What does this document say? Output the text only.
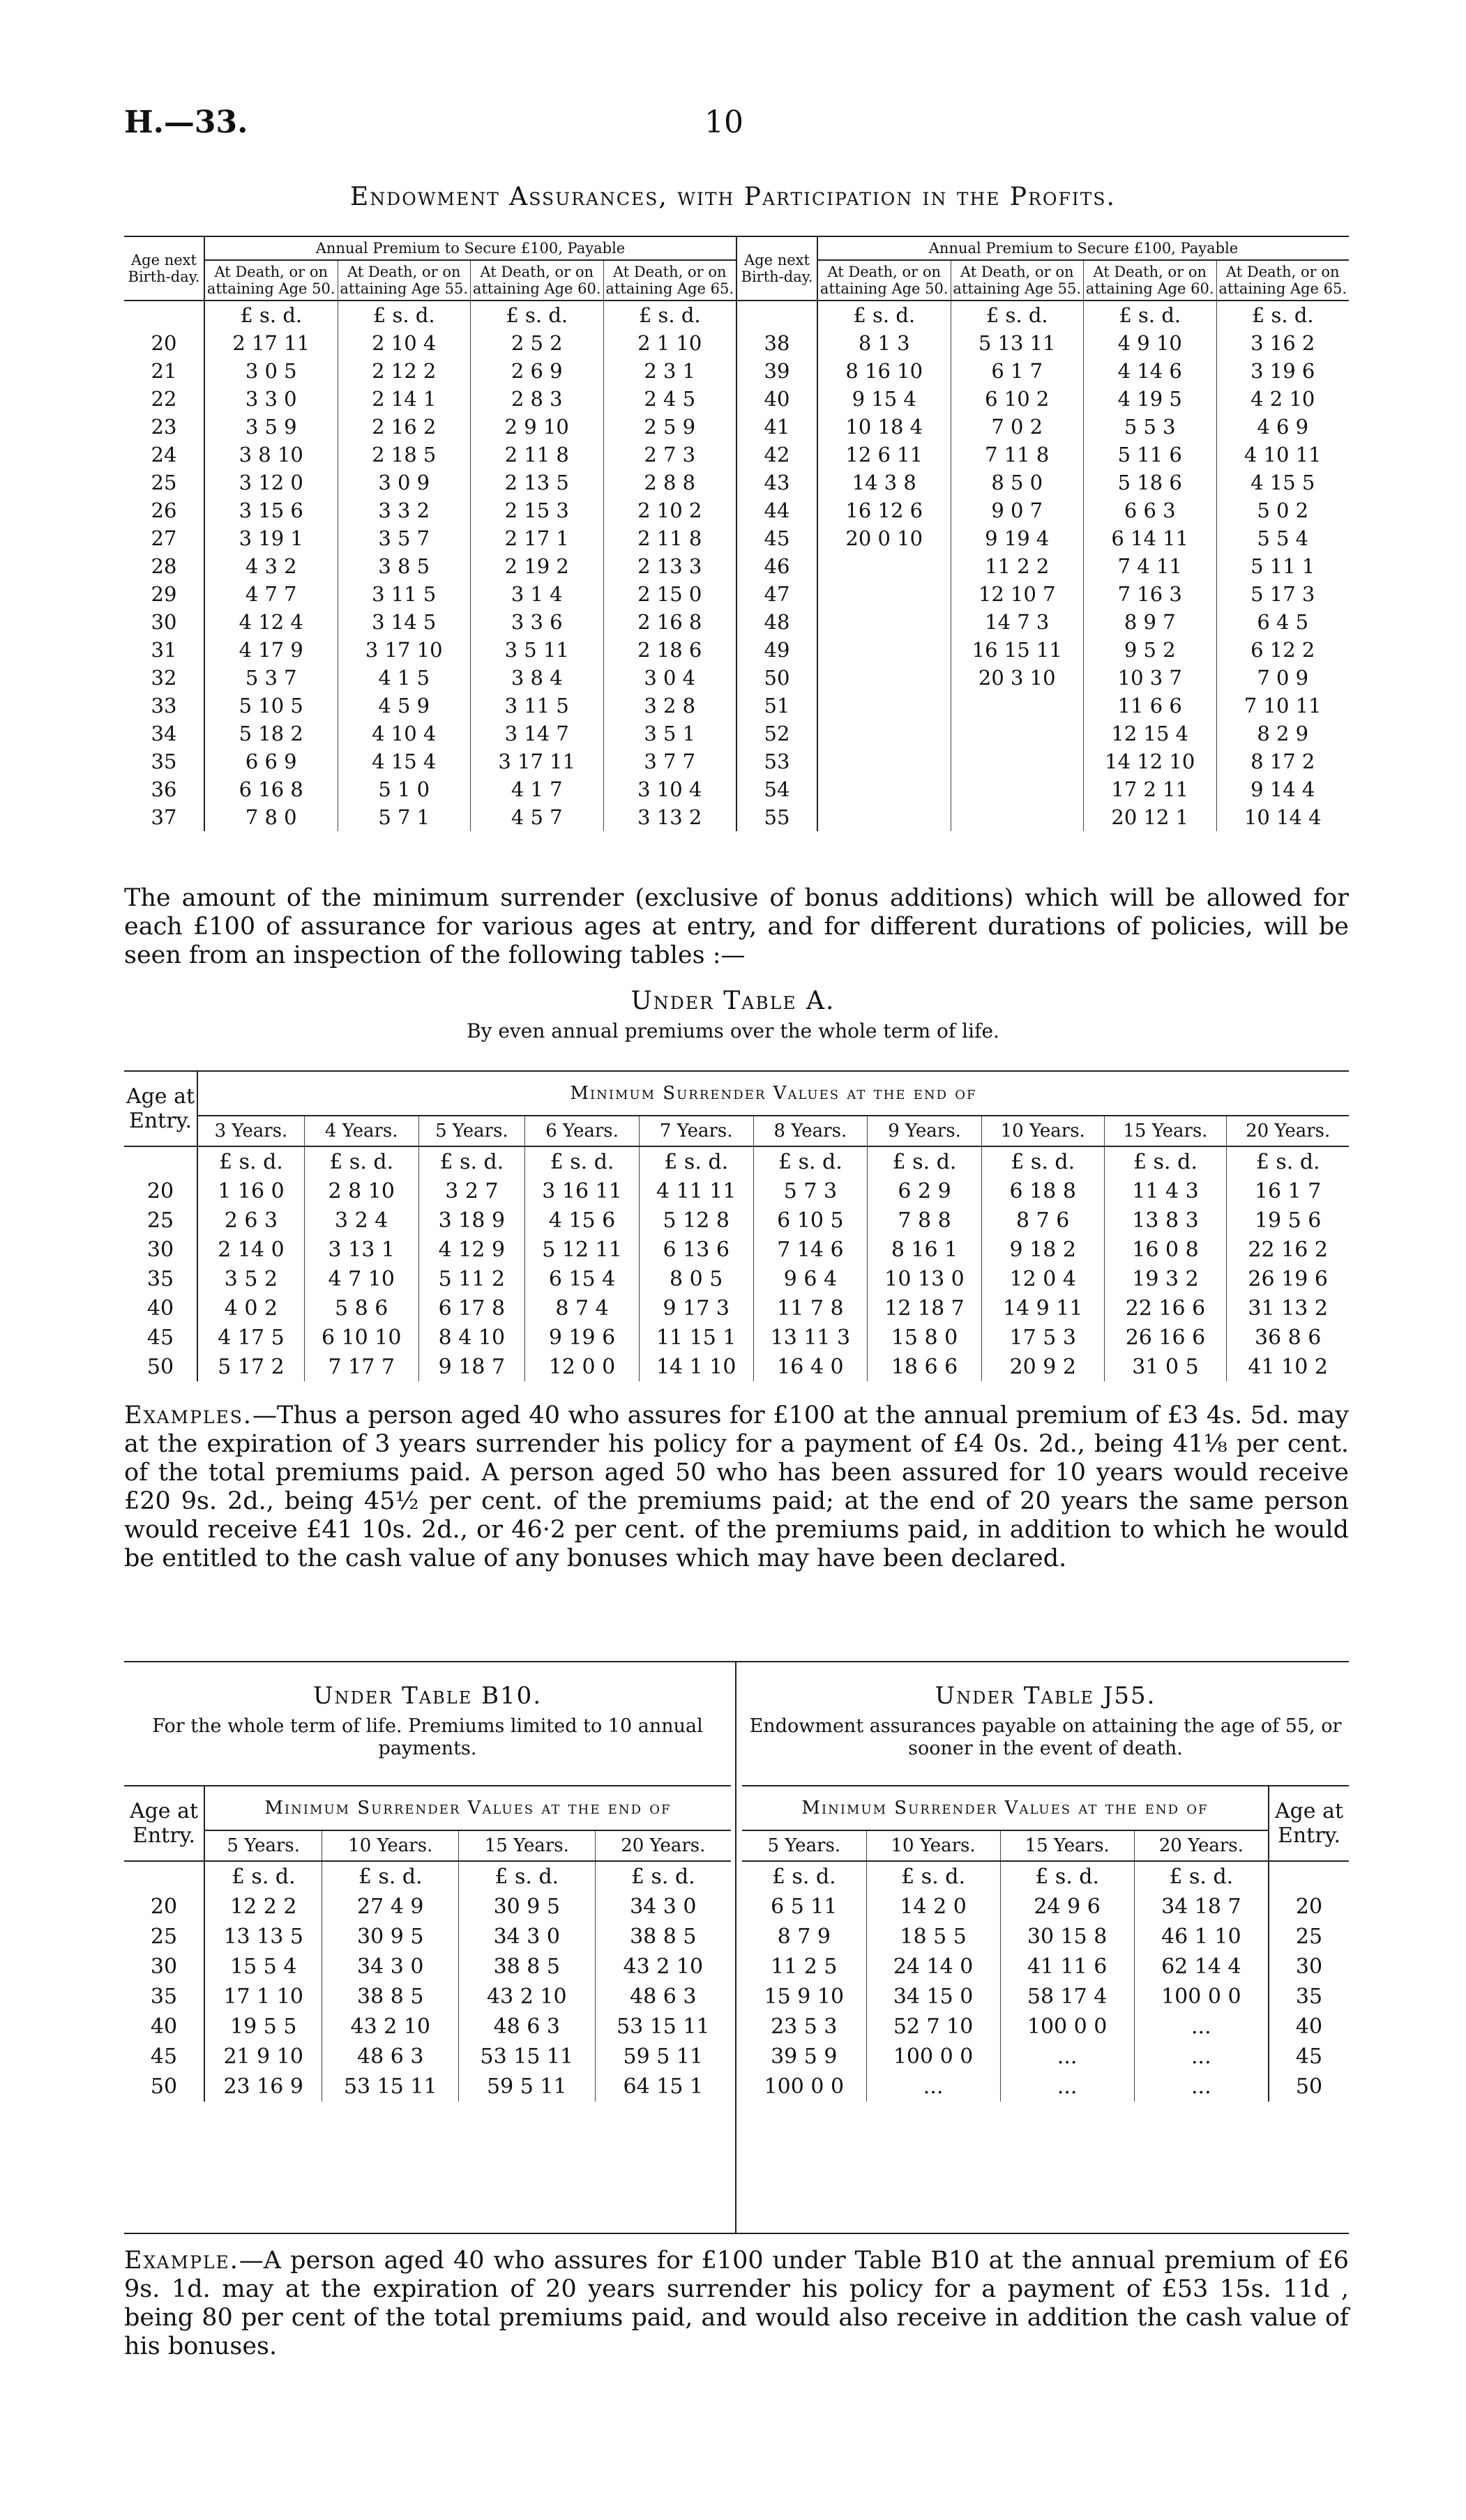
H.—33.	10
Endowment Assurances, with Participation in the Profits.
Age next Birth-day.	Annual Premium to Secure £100, Payable				Age next Birth-day.	Annual Premium to Secure £100, Payable			
	At Death, or on attaining Age 50.	At Death, or on attaining Age 55.	At Death, or on attaining Age 60.	At Death, or on attaining Age 65.		At Death, or on attaining Age 50.	At Death, or on attaining Age 55.	At Death, or on attaining Age 60.	At Death, or on attaining Age 65.
	£ s. d.	£ s. d.	£ s. d.	£ s. d.		£ s. d.	£ s. d.	£ s. d.	£ s. d.
20	2 17 11	2 10 4	2 5 2	2 1 10	38	8 1 3	5 13 11	4 9 10	3 16 2
21	3 0 5	2 12 2	2 6 9	2 3 1	39	8 16 10	6 1 7	4 14 6	3 19 6
22	3 3 0	2 14 1	2 8 3	2 4 5	40	9 15 4	6 10 2	4 19 5	4 2 10
23	3 5 9	2 16 2	2 9 10	2 5 9	41	10 18 4	7 0 2	5 5 3	4 6 9
24	3 8 10	2 18 5	2 11 8	2 7 3	42	12 6 11	7 11 8	5 11 6	4 10 11
25	3 12 0	3 0 9	2 13 5	2 8 8	43	14 3 8	8 5 0	5 18 6	4 15 5
26	3 15 6	3 3 2	2 15 3	2 10 2	44	16 12 6	9 0 7	6 6 3	5 0 2
27	3 19 1	3 5 7	2 17 1	2 11 8	45	20 0 10	9 19 4	6 14 11	5 5 4
28	4 3 2	3 8 5	2 19 2	2 13 3	46		11 2 2	7 4 11	5 11 1
29	4 7 7	3 11 5	3 1 4	2 15 0	47		12 10 7	7 16 3	5 17 3
30	4 12 4	3 14 5	3 3 6	2 16 8	48		14 7 3	8 9 7	6 4 5
31	4 17 9	3 17 10	3 5 11	2 18 6	49		16 15 11	9 5 2	6 12 2
32	5 3 7	4 1 5	3 8 4	3 0 4	50		20 3 10	10 3 7	7 0 9
33	5 10 5	4 5 9	3 11 5	3 2 8	51			11 6 6	7 10 11
34	5 18 2	4 10 4	3 14 7	3 5 1	52			12 15 4	8 2 9
35	6 6 9	4 15 4	3 17 11	3 7 7	53			14 12 10	8 17 2
36	6 16 8	5 1 0	4 1 7	3 10 4	54			17 2 11	9 14 4
37	7 8 0	5 7 1	4 5 7	3 13 2	55			20 12 1	10 14 4
The amount of the minimum surrender (exclusive of bonus additions) which will be allowed for each £100 of assurance for various ages at entry, and for different durations of policies, will be seen from an inspection of the following tables :—
Under Table A.
By even annual premiums over the whole term of life.
Age at Entry.	Minimum Surrender Values at the end of									
	3 Years.	4 Years.	5 Years.	6 Years.	7 Years.	8 Years.	9 Years.	10 Years.	15 Years.	20 Years.
	£ s. d.	£ s. d.	£ s. d.	£ s. d.	£ s. d.	£ s. d.	£ s. d.	£ s. d.	£ s. d.	£ s. d.
20	1 16 0	2 8 10	3 2 7	3 16 11	4 11 11	5 7 3	6 2 9	6 18 8	11 4 3	16 1 7
25	2 6 3	3 2 4	3 18 9	4 15 6	5 12 8	6 10 5	7 8 8	8 7 6	13 8 3	19 5 6
30	2 14 0	3 13 1	4 12 9	5 12 11	6 13 6	7 14 6	8 16 1	9 18 2	16 0 8	22 16 2
35	3 5 2	4 7 10	5 11 2	6 15 4	8 0 5	9 6 4	10 13 0	12 0 4	19 3 2	26 19 6
40	4 0 2	5 8 6	6 17 8	8 7 4	9 17 3	11 7 8	12 18 7	14 9 11	22 16 6	31 13 2
45	4 17 5	6 10 10	8 4 10	9 19 6	11 15 1	13 11 3	15 8 0	17 5 3	26 16 6	36 8 6
50	5 17 2	7 17 7	9 18 7	12 0 0	14 1 10	16 4 0	18 6 6	20 9 2	31 0 5	41 10 2
Examples.—Thus a person aged 40 who assures for £100 at the annual premium of £3 4s. 5d. may at the expiration of 3 years surrender his policy for a payment of £4 0s. 2d., being 41⅛ per cent. of the total premiums paid. A person aged 50 who has been assured for 10 years would receive £20 9s. 2d., being 45½ per cent. of the premiums paid; at the end of 20 years the same person would receive £41 10s. 2d., or 46·2 per cent. of the premiums paid, in addition to which he would be entitled to the cash value of any bonuses which may have been declared.
Under Table B10.
For the whole term of life. Premiums limited to 10 annual payments.
Under Table J55.
Endowment assurances payable on attaining the age of 55, or sooner in the event of death.
Age at Entry.	Minimum Surrender Values at the end of			
	5 Years.	10 Years.	15 Years.	20 Years.
	£ s. d.	£ s. d.	£ s. d.	£ s. d.
20	12 2 2	27 4 9	30 9 5	34 3 0
25	13 13 5	30 9 5	34 3 0	38 8 5
30	15 5 4	34 3 0	38 8 5	43 2 10
35	17 1 10	38 8 5	43 2 10	48 6 3
40	19 5 5	43 2 10	48 6 3	53 15 11
45	21 9 10	48 6 3	53 15 11	59 5 11
50	23 16 9	53 15 11	59 5 11	64 15 1
Minimum Surrender Values at the end of				Age at Entry.
5 Years.	10 Years.	15 Years.	20 Years.	
£ s. d.	£ s. d.	£ s. d.	£ s. d.	
6 5 11	14 2 0	24 9 6	34 18 7	20
8 7 9	18 5 5	30 15 8	46 1 10	25
11 2 5	24 14 0	41 11 6	62 14 4	30
15 9 10	34 15 0	58 17 4	100 0 0	35
23 5 3	52 7 10	100 0 0	...	40
39 5 9	100 0 0	...	...	45
100 0 0	...	...	...	50
Example.—A person aged 40 who assures for £100 under Table B10 at the annual premium of £6 9s. 1d. may at the expiration of 20 years surrender his policy for a payment of £53 15s. 11d , being 80 per cent of the total premiums paid, and would also receive in addition the cash value of his bonuses.
